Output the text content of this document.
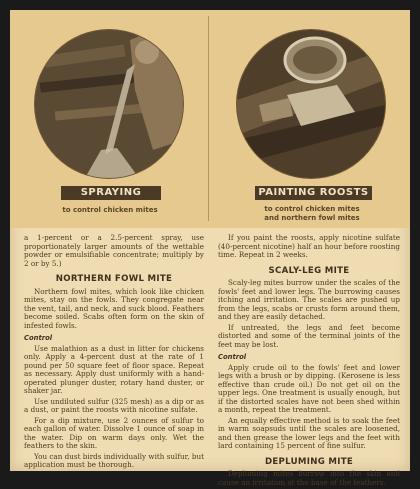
SPRAYING	PAINTING ROOSTS
to control chicken mites	to control chicken mites
and northern fowl mites

a 1-percent or a 2.5-percent spray, use proportionately larger amounts of the wettable powder or emulsifiable concentrate; multiply by 2 or by 5.)

NORTHERN FOWL MITE

Northern fowl mites, which look like chicken mites, stay on the fowls. They congregate near the vent, tail, and neck, and suck blood. Feathers become soiled. Scabs often form on the skin of infested fowls.

Control

Use malathion as a dust in litter for chickens only. Apply a 4-percent dust at the rate of 1 pound per 50 square feet of floor space. Repeat as necessary. Apply dust uniformly with a hand-operated plunger duster, rotary hand duster, or shaker jar.

Use undiluted sulfur (325 mesh) as a dip or as a dust, or paint the roosts with nicotine sulfate.

For a dip mixture, use 2 ounces of sulfur to each gallon of water. Dissolve 1 ounce of soap in the water. Dip on warm days only. Wet the feathers to the skin.

You can dust birds individually with sulfur, but application must be thorough.

If you paint the roosts, apply nicotine sulfate (40-percent nicotine) half an hour before roosting time. Repeat in 2 weeks.

SCALY-LEG MITE

Scaly-leg mites burrow under the scales of the fowls' feet and lower legs. The burrowing causes itching and irritation. The scales are pushed up from the legs, scabs or crusts form around them, and they are easily detached.

If untreated, the legs and feet become distorted and some of the terminal joints of the feet may be lost.

Control

Apply crude oil to the fowls' feet and lower legs with a brush or by dipping. (Kerosene is less effective than crude oil.) Do not get oil on the upper legs. One treatment is usually enough, but if the distorted scales have not been shed within a month, repeat the treatment.

An equally effective method is to soak the feet in warm soapsuds until the scales are loosened, and then grease the lower legs and the feet with lard containing 15 percent of fine sulfur.

DEPLUMING MITE

Depluming mites burrow into the skin and cause an irritation at the base of the feathers.
